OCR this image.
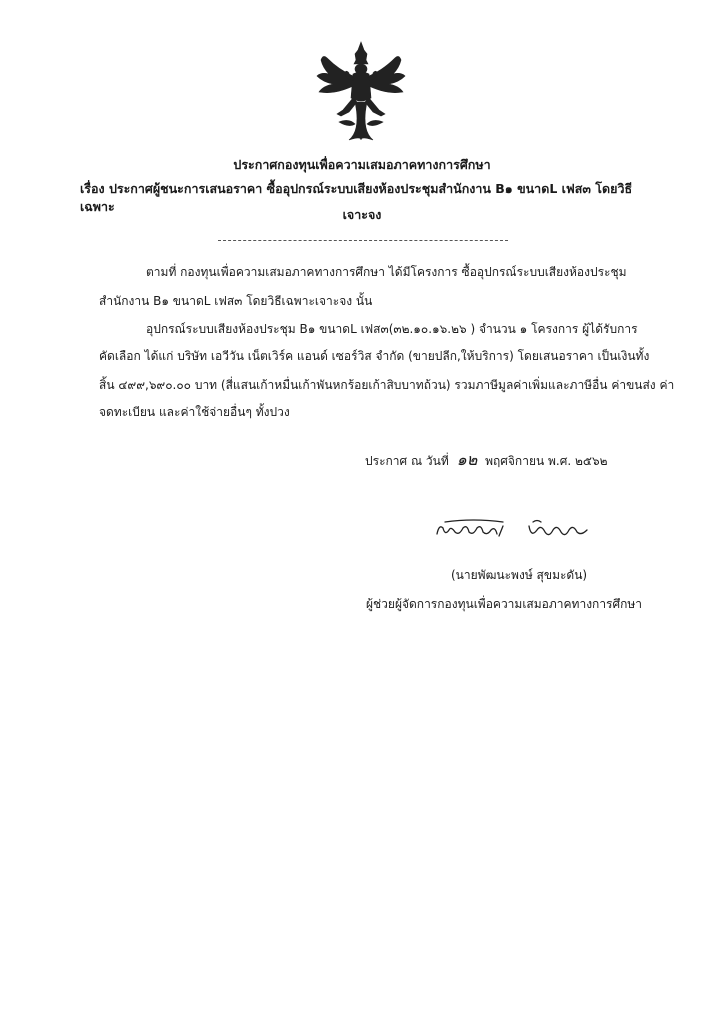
ประกาศกองทุนเพื่อความเสมอภาคทางการศึกษา
เรื่อง ประกาศผู้ชนะการเสนอราคา ซื้ออุปกรณ์ระบบเสียงห้องประชุมสำนักงาน B๑ ขนาดL เฟส๓ โดยวิธีเฉพาะ
เจาะจง
ตามที่ กองทุนเพื่อความเสมอภาคทางการศึกษา ได้มีโครงการ ซื้ออุปกรณ์ระบบเสียงห้องประชุม
สำนักงาน B๑ ขนาดL เฟส๓ โดยวิธีเฉพาะเจาะจง นั้น
อุปกรณ์ระบบเสียงห้องประชุม B๑ ขนาดL เฟส๓(๓๒.๑๐.๑๖.๒๖ ) จำนวน ๑ โครงการ ผู้ได้รับการ
คัดเลือก ได้แก่ บริษัท เอวีวัน เน็ตเวิร์ค แอนด์ เซอร์วิส จำกัด (ขายปลีก,ให้บริการ) โดยเสนอราคา เป็นเงินทั้ง
สิ้น ๔๙๙,๖๙๐.๐๐ บาท (สี่แสนเก้าหมื่นเก้าพันหกร้อยเก้าสิบบาทถ้วน) รวมภาษีมูลค่าเพิ่มและภาษีอื่น ค่าขนส่ง ค่า
จดทะเบียน และค่าใช้จ่ายอื่นๆ ทั้งปวง
ประกาศ ณ วันที่ ๑๒ พฤศจิกายน พ.ศ. ๒๕๖๒
(นายพัฒนะพงษ์ สุขมะดัน)
ผู้ช่วยผู้จัดการกองทุนเพื่อความเสมอภาคทางการศึกษา
